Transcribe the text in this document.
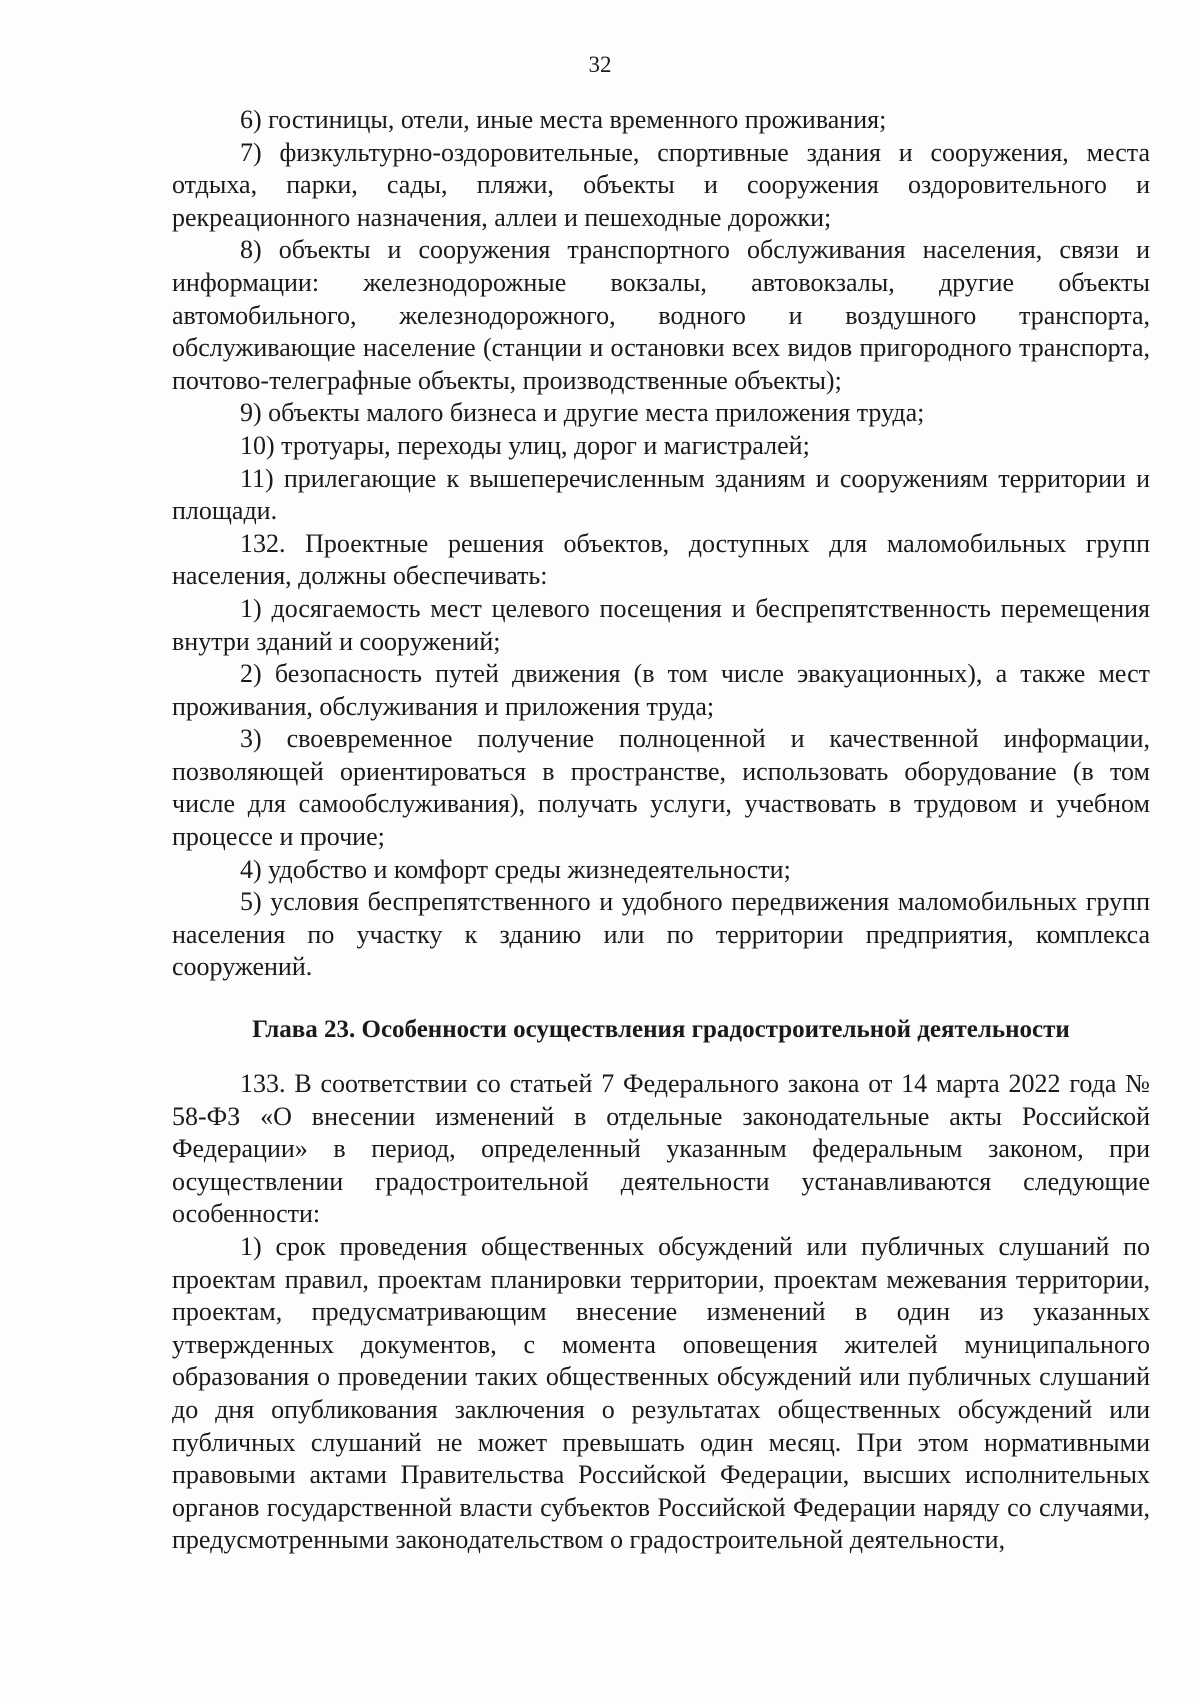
32

6) гостиницы, отели, иные места временного проживания;

7) физкультурно-оздоровительные, спортивные здания и сооружения, места отдыха, парки, сады, пляжи, объекты и сооружения оздоровительного и рекреационного назначения, аллеи и пешеходные дорожки;

8) объекты и сооружения транспортного обслуживания населения, связи и информации: железнодорожные вокзалы, автовокзалы, другие объекты автомобильного, железнодорожного, водного и воздушного транспорта, обслуживающие население (станции и остановки всех видов пригородного транспорта, почтово-телеграфные объекты, производственные объекты);

9) объекты малого бизнеса и другие места приложения труда;

10) тротуары, переходы улиц, дорог и магистралей;

11) прилегающие к вышеперечисленным зданиям и сооружениям территории и площади.

132. Проектные решения объектов, доступных для маломобильных групп населения, должны обеспечивать:

1) досягаемость мест целевого посещения и беспрепятственность перемещения внутри зданий и сооружений;

2) безопасность путей движения (в том числе эвакуационных), а также мест проживания, обслуживания и приложения труда;

3) своевременное получение полноценной и качественной информации, позволяющей ориентироваться в пространстве, использовать оборудование (в том числе для самообслуживания), получать услуги, участвовать в трудовом и учебном процессе и прочие;

4) удобство и комфорт среды жизнедеятельности;

5) условия беспрепятственного и удобного передвижения маломобильных групп населения по участку к зданию или по территории предприятия, комплекса сооружений.

Глава 23. Особенности осуществления градостроительной деятельности

133. В соответствии со статьей 7 Федерального закона от 14 марта 2022 года № 58-ФЗ «О внесении изменений в отдельные законодательные акты Российской Федерации» в период, определенный указанным федеральным законом, при осуществлении градостроительной деятельности устанавливаются следующие особенности:

1) срок проведения общественных обсуждений или публичных слушаний по проектам правил, проектам планировки территории, проектам межевания территории, проектам, предусматривающим внесение изменений в один из указанных утвержденных документов, с момента оповещения жителей муниципального образования о проведении таких общественных обсуждений или публичных слушаний до дня опубликования заключения о результатах общественных обсуждений или публичных слушаний не может превышать один месяц. При этом нормативными правовыми актами Правительства Российской Федерации, высших исполнительных органов государственной власти субъектов Российской Федерации наряду со случаями, предусмотренными законодательством о градостроительной деятельности,
